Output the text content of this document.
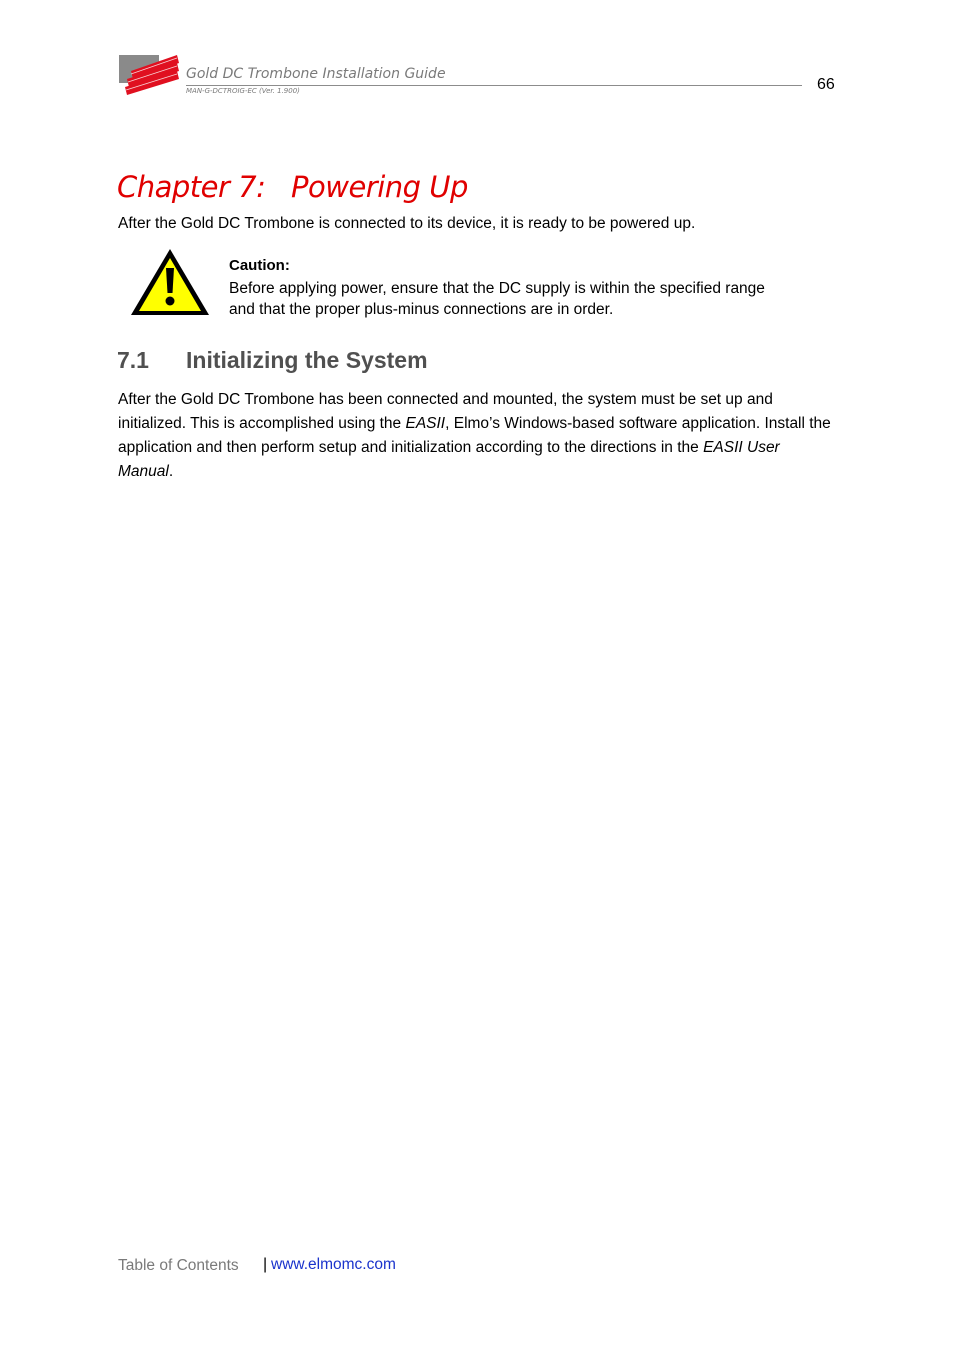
Gold DC Trombone Installation Guide
MAN-G-DCTROIG-EC (Ver. 1.900)	66
Chapter 7: Powering Up
After the Gold DC Trombone is connected to its device, it is ready to be powered up.
Caution:
Before applying power, ensure that the DC supply is within the specified range
and that the proper plus-minus connections are in order.
7.1 Initializing the System
After the Gold DC Trombone has been connected and mounted, the system must be set up and initialized. This is accomplished using the EASII, Elmo’s Windows-based software application. Install the application and then perform setup and initialization according to the directions in the EASII User Manual.
Table of Contents | www.elmomc.com
